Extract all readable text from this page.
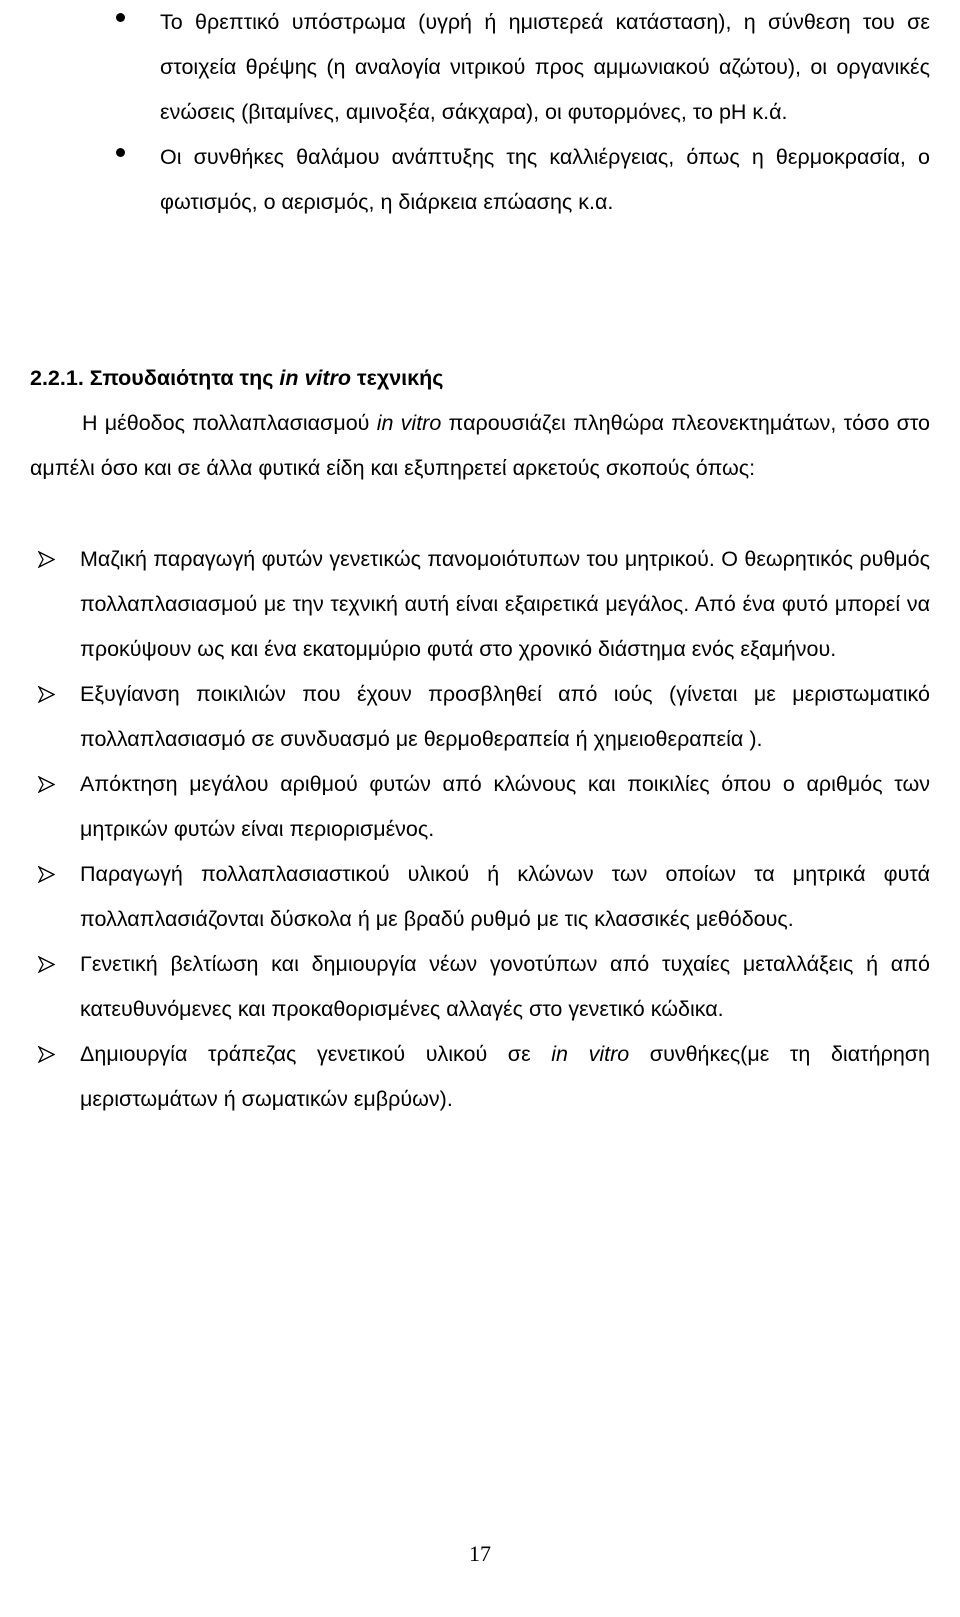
Το θρεπτικό υπόστρωμα (υγρή ή ημιστερεά κατάσταση), η σύνθεση του σε στοιχεία θρέψης (η αναλογία νιτρικού προς αμμωνιακού αζώτου), οι οργανικές ενώσεις (βιταμίνες, αμινοξέα, σάκχαρα), οι φυτορμόνες, το pH κ.ά.
Οι συνθήκες θαλάμου ανάπτυξης της καλλιέργειας, όπως η θερμοκρασία, ο φωτισμός, ο αερισμός, η διάρκεια επώασης κ.α.
2.2.1. Σπουδαιότητα της in vitro τεχνικής
Η μέθοδος πολλαπλασιασμού in vitro παρουσιάζει πληθώρα πλεονεκτημάτων, τόσο στο αμπέλι όσο και σε άλλα φυτικά είδη και εξυπηρετεί αρκετούς σκοπούς όπως:
Μαζική παραγωγή φυτών γενετικώς πανομοιότυπων του μητρικού. Ο θεωρητικός ρυθμός πολλαπλασιασμού με την τεχνική αυτή είναι εξαιρετικά μεγάλος. Από ένα φυτό μπορεί να προκύψουν ως και ένα εκατομμύριο φυτά στο χρονικό διάστημα ενός εξαμήνου.
Εξυγίανση ποικιλιών που έχουν προσβληθεί από ιούς (γίνεται με μεριστωματικό πολλαπλασιασμό σε συνδυασμό με θερμοθεραπεία ή χημειοθεραπεία ).
Απόκτηση μεγάλου αριθμού φυτών από κλώνους και ποικιλίες όπου ο αριθμός των μητρικών φυτών είναι περιορισμένος.
Παραγωγή πολλαπλασιαστικού υλικού ή κλώνων των οποίων τα μητρικά φυτά πολλαπλασιάζονται δύσκολα ή με βραδύ ρυθμό με τις κλασσικές μεθόδους.
Γενετική βελτίωση και δημιουργία νέων γονοτύπων από τυχαίες μεταλλάξεις ή από κατευθυνόμενες και προκαθορισμένες αλλαγές στο γενετικό κώδικα.
Δημιουργία τράπεζας γενετικού υλικού σε in vitro συνθήκες(με τη διατήρηση μεριστωμάτων ή σωματικών εμβρύων).
17
